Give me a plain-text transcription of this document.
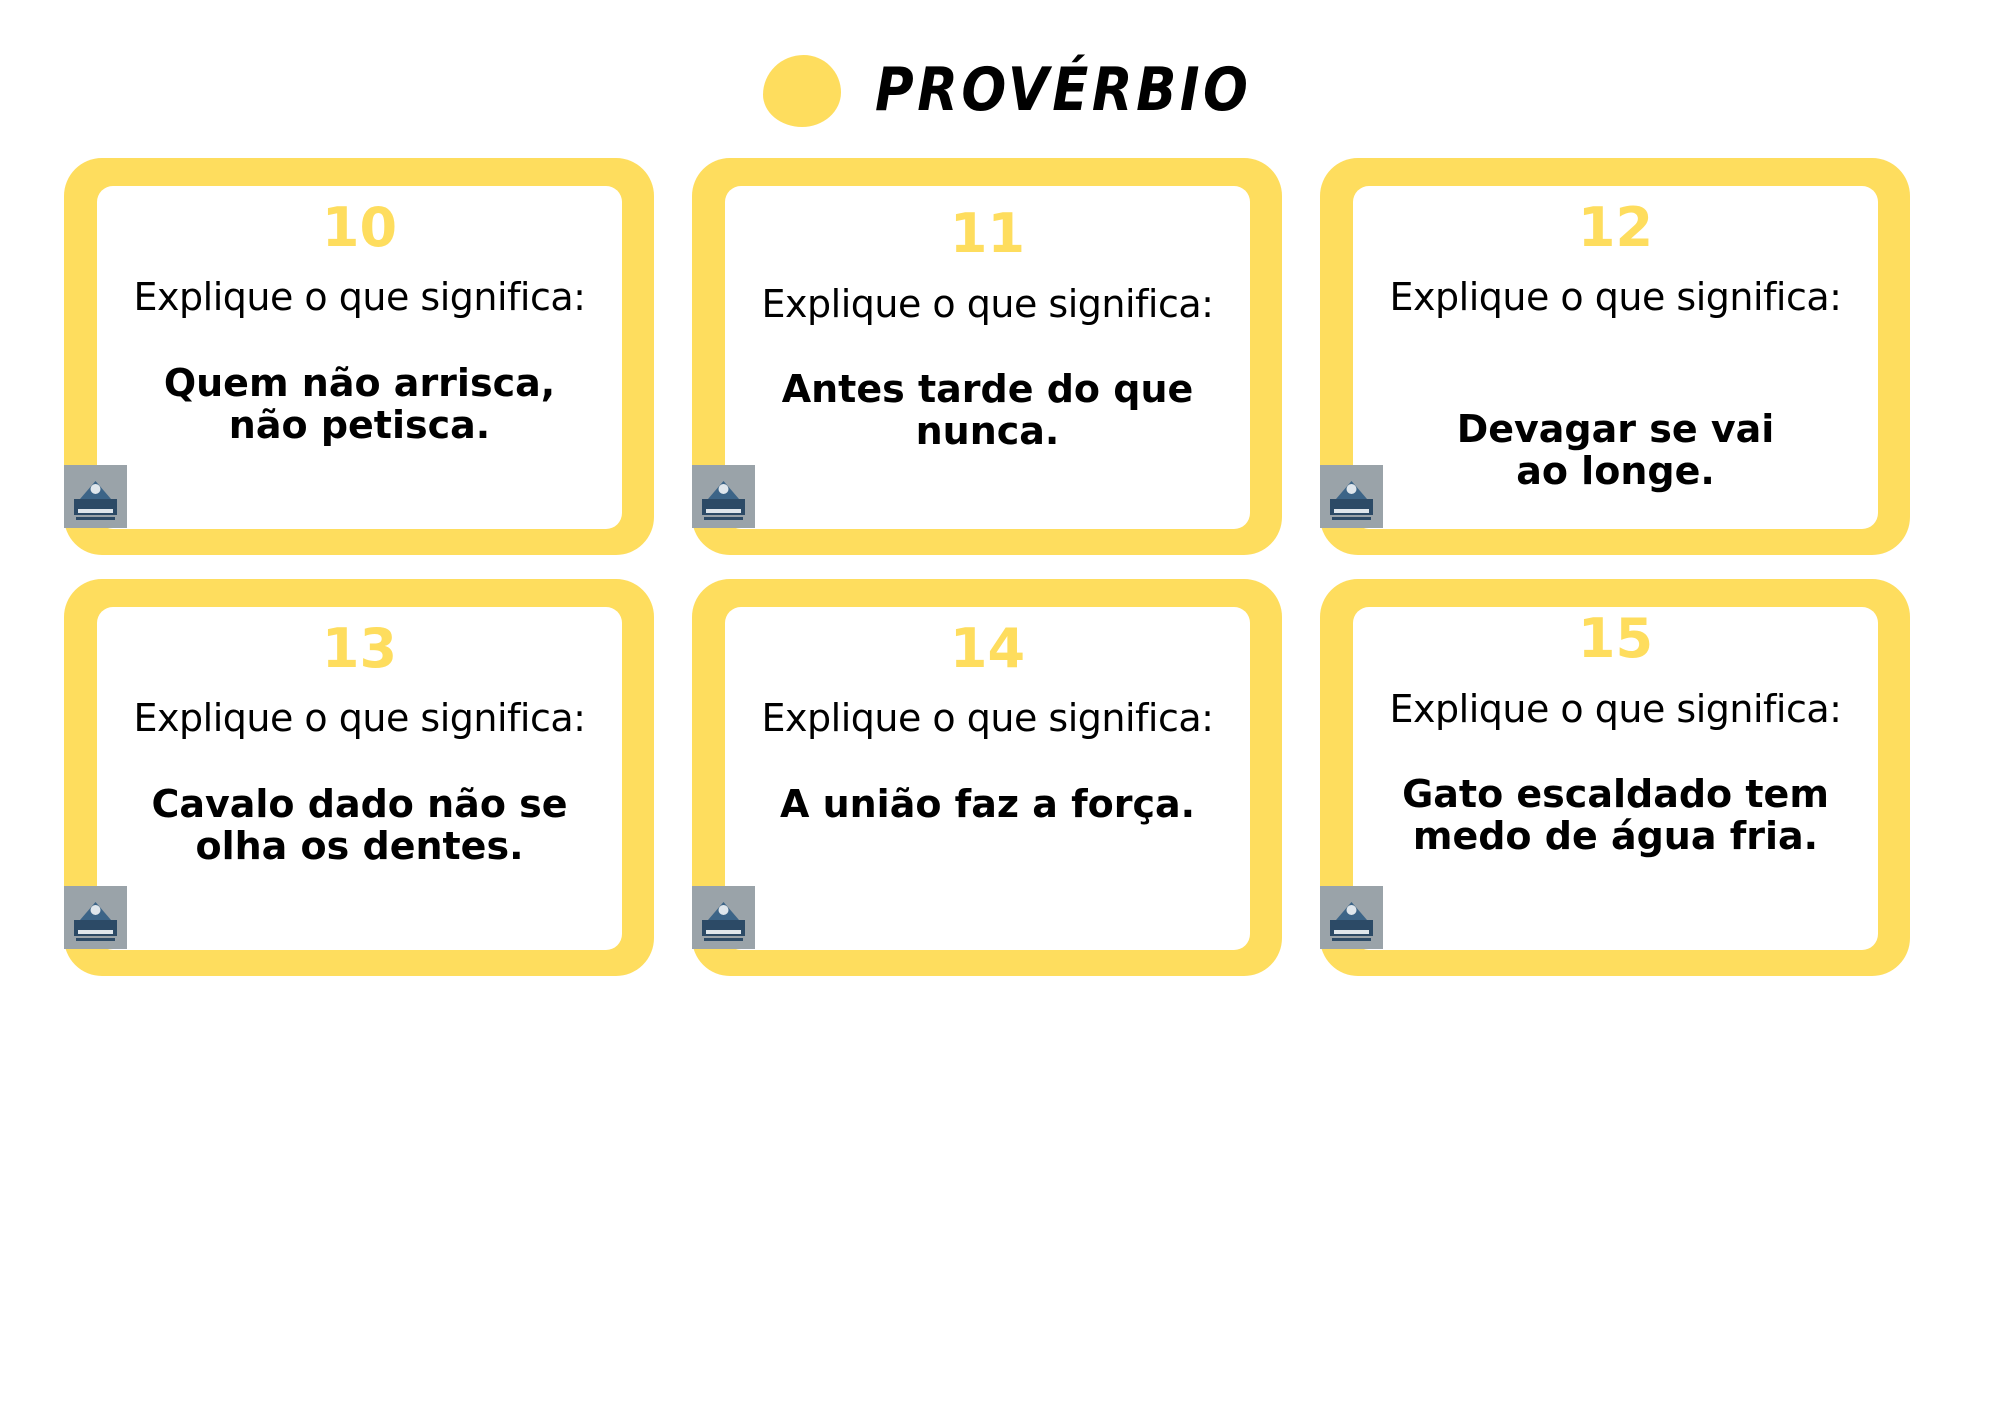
PROVÉRBIO
10
Explique o que significa:
Quem não arrisca,
não petisca.
11
Explique o que significa:
Antes tarde do que
nunca.
12
Explique o que significa:
Devagar se vai
ao longe.
13
Explique o que significa:
Cavalo dado não se
olha os dentes.
14
Explique o que significa:
A união faz a força.
15
Explique o que significa:
Gato escaldado tem
medo de água fria.
